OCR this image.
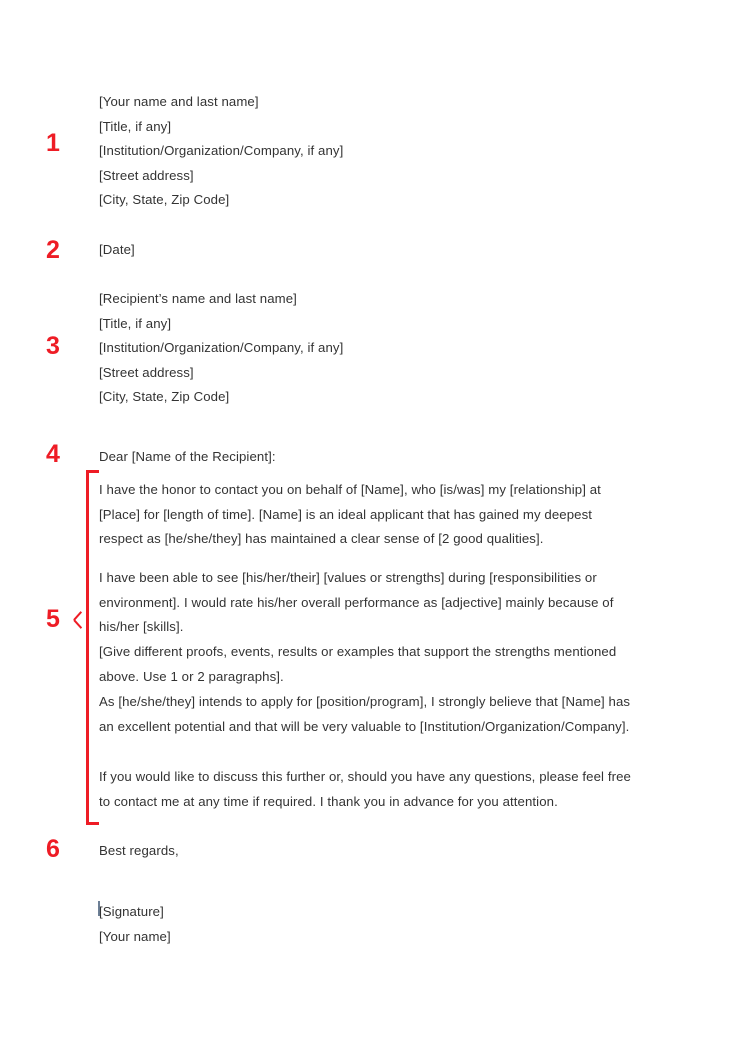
1
[Your name and last name]
[Title, if any]
[Institution/Organization/Company, if any]
[Street address]
[City, State, Zip Code]
2	[Date]
3
[Recipient’s name and last name]
[Title, if any]
[Institution/Organization/Company, if any]
[Street address]
[City, State, Zip Code]
4	Dear [Name of the Recipient]:
5

I have the honor to contact you on behalf of [Name], who [is/was] my [relationship] at [Place] for [length of time]. [Name] is an ideal applicant that has gained my deepest respect as [he/she/they] has maintained a clear sense of [2 good qualities].

I have been able to see [his/her/their] [values or strengths] during [responsibilities or environment]. I would rate his/her overall performance as [adjective] mainly because of his/her [skills].

[Give different proofs, events, results or examples that support the strengths mentioned above. Use 1 or 2 paragraphs].

As [he/she/they] intends to apply for [position/program], I strongly believe that [Name] has an excellent potential and that will be very valuable to [Institution/Organization/Company].

If you would like to discuss this further or, should you have any questions, please feel free to contact me at any time if required. I thank you in advance for you attention.

6	Best regards,
[Signature]
[Your name]
